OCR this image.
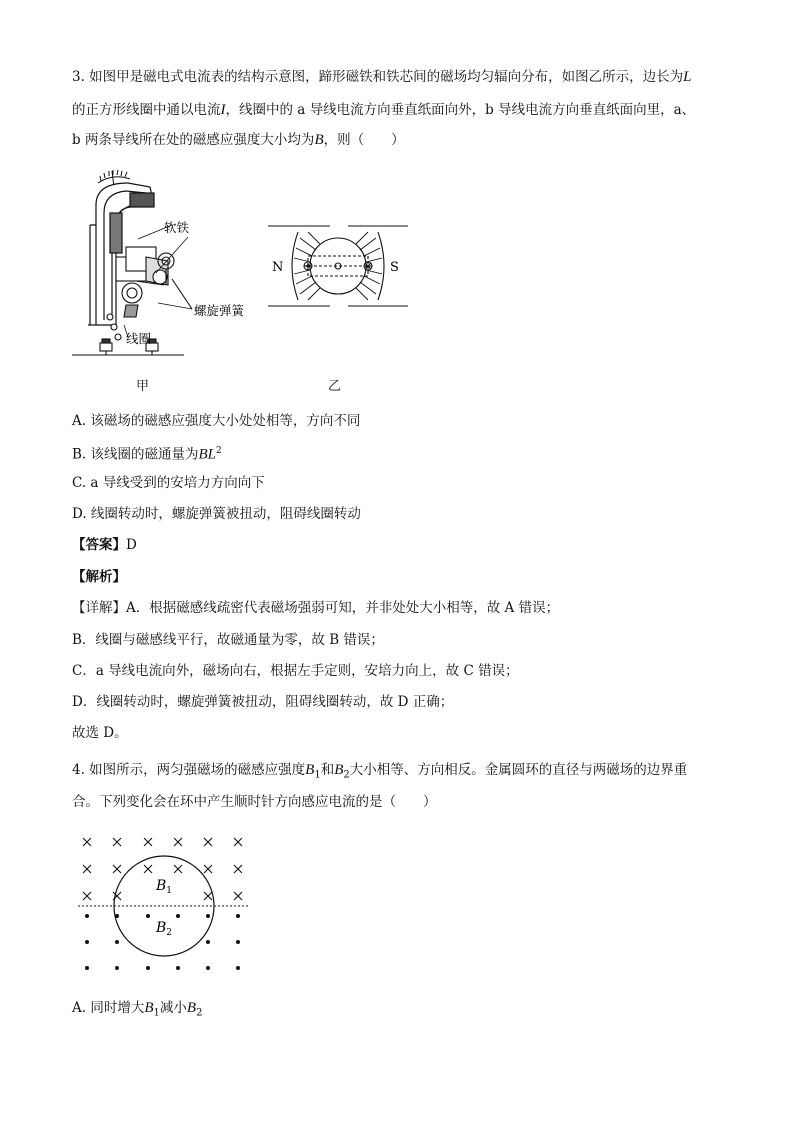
3. 如图甲是磁电式电流表的结构示意图，蹄形磁铁和铁芯间的磁场均匀辐向分布，如图乙所示，边长为L
的正方形线圈中通以电流I，线圈中的 a 导线电流方向垂直纸面向外，b 导线电流方向垂直纸面向里，a、
b 两条导线所在处的磁感应强度大小均为B，则（　　）
软铁
螺旋弹簧
线圈
甲
N	S
乙
A. 该磁场的磁感应强度大小处处相等，方向不同
B. 该线圈的磁通量为$BL^2$
C. a 导线受到的安培力方向向下
D. 线圈转动时，螺旋弹簧被扭动，阻碍线圈转动
【答案】D
【解析】
【详解】A．根据磁感线疏密代表磁场强弱可知，并非处处大小相等，故 A 错误；
B．线圈与磁感线平行，故磁通量为零，故 B 错误；
C．a 导线电流向外，磁场向右，根据左手定则，安培力向上，故 C 错误；
D．线圈转动时，螺旋弹簧被扭动，阻碍线圈转动，故 D 正确；
故选 D。
4. 如图所示，两匀强磁场的磁感应强度$B_1$和$B_2$大小相等、方向相反。金属圆环的直径与两磁场的边界重
合。下列变化会在环中产生顺时针方向感应电流的是（　　）
$B_1$
$B_2$
A. 同时增大$B_1$减小$B_2$
